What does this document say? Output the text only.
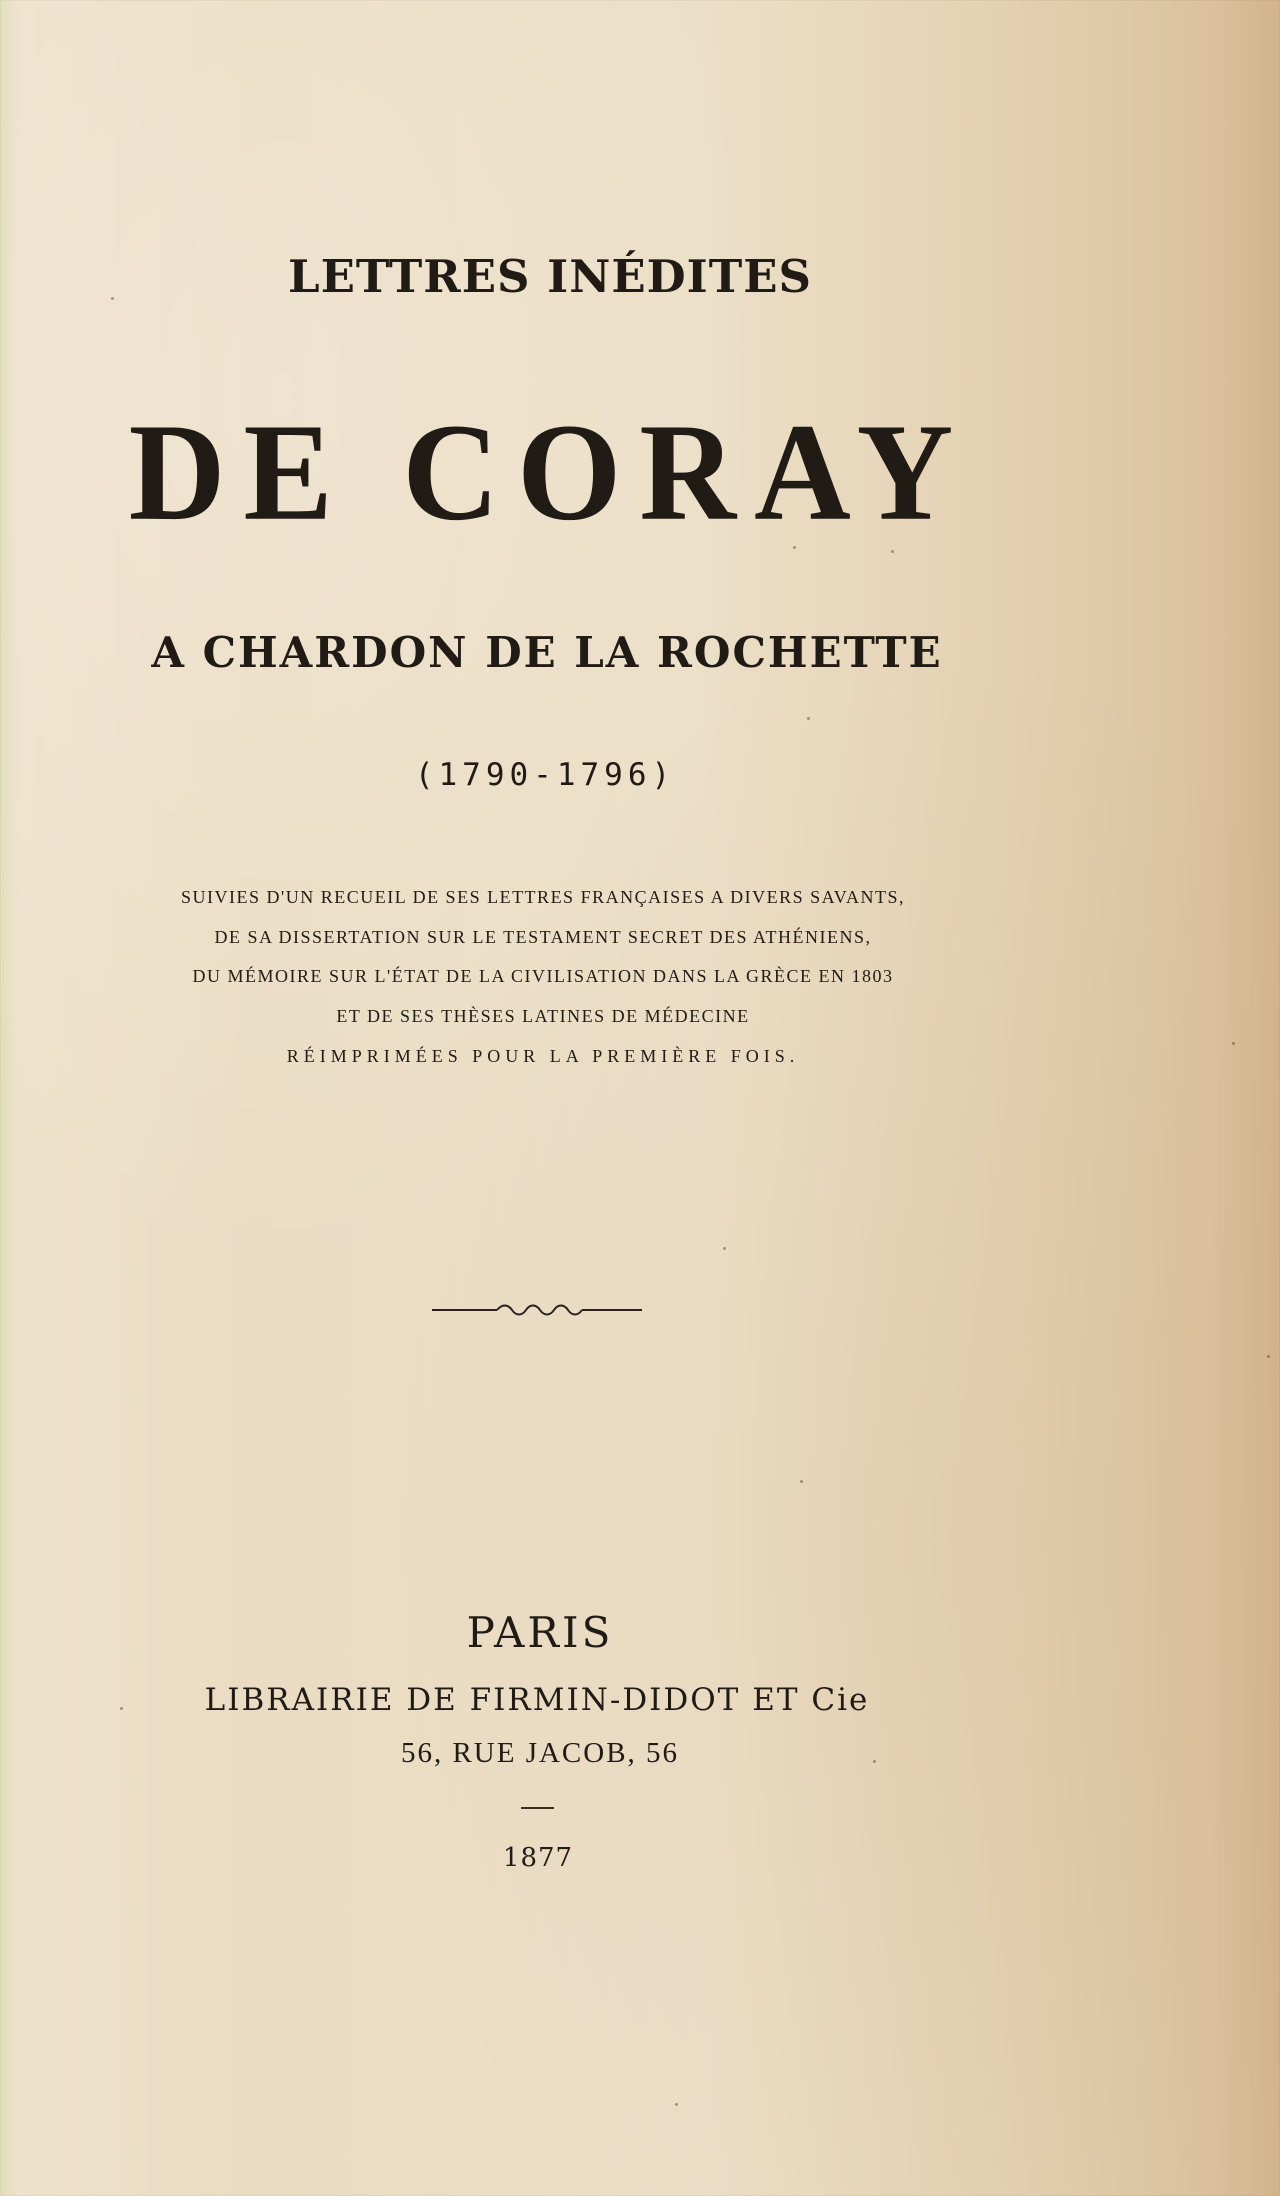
LETTRES INÉDITES
DE CORAY
A CHARDON DE LA ROCHETTE
(1790-1796)
SUIVIES D'UN RECUEIL DE SES LETTRES FRANÇAISES A DIVERS SAVANTS,
DE SA DISSERTATION SUR LE TESTAMENT SECRET DES ATHÉNIENS,
DU MÉMOIRE SUR L'ÉTAT DE LA CIVILISATION DANS LA GRÈCE EN 1803
ET DE SES THÈSES LATINES DE MÉDECINE
RÉIMPRIMÉES POUR LA PREMIÈRE FOIS.
PARIS
LIBRAIRIE DE FIRMIN-DIDOT ET Cie
56, RUE JACOB, 56
1877
